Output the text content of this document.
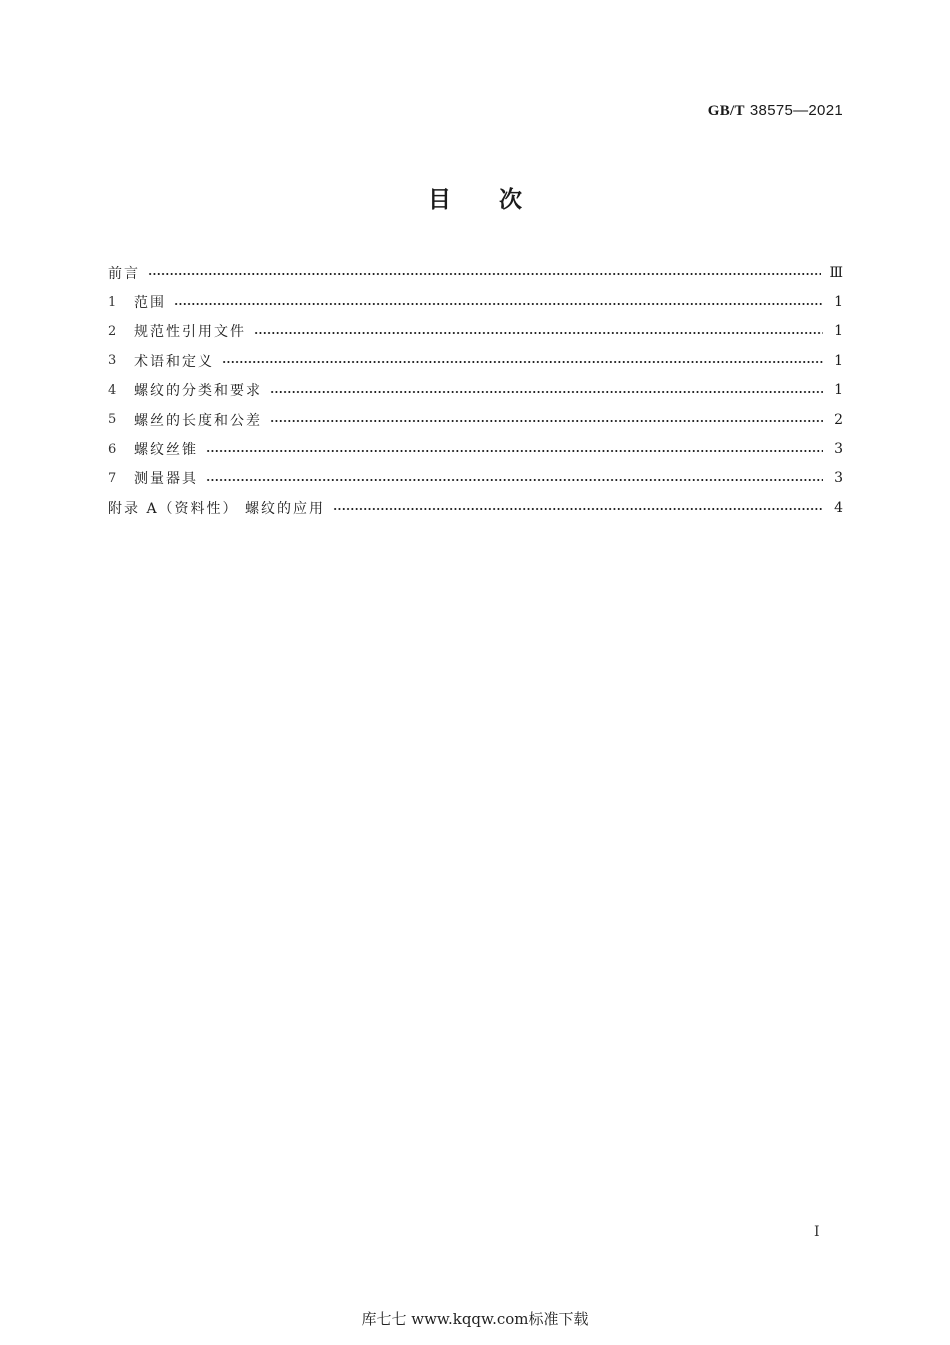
GB/T 38575—2021
目次
前言	Ⅲ
1	范围	1
2	规范性引用文件	1
3	术语和定义	1
4	螺纹的分类和要求	1
5	螺丝的长度和公差	2
6	螺纹丝锥	3
7	测量器具	3
附录 A（资料性） 螺纹的应用	4
I
库七七 www.kqqw.com标准下载
